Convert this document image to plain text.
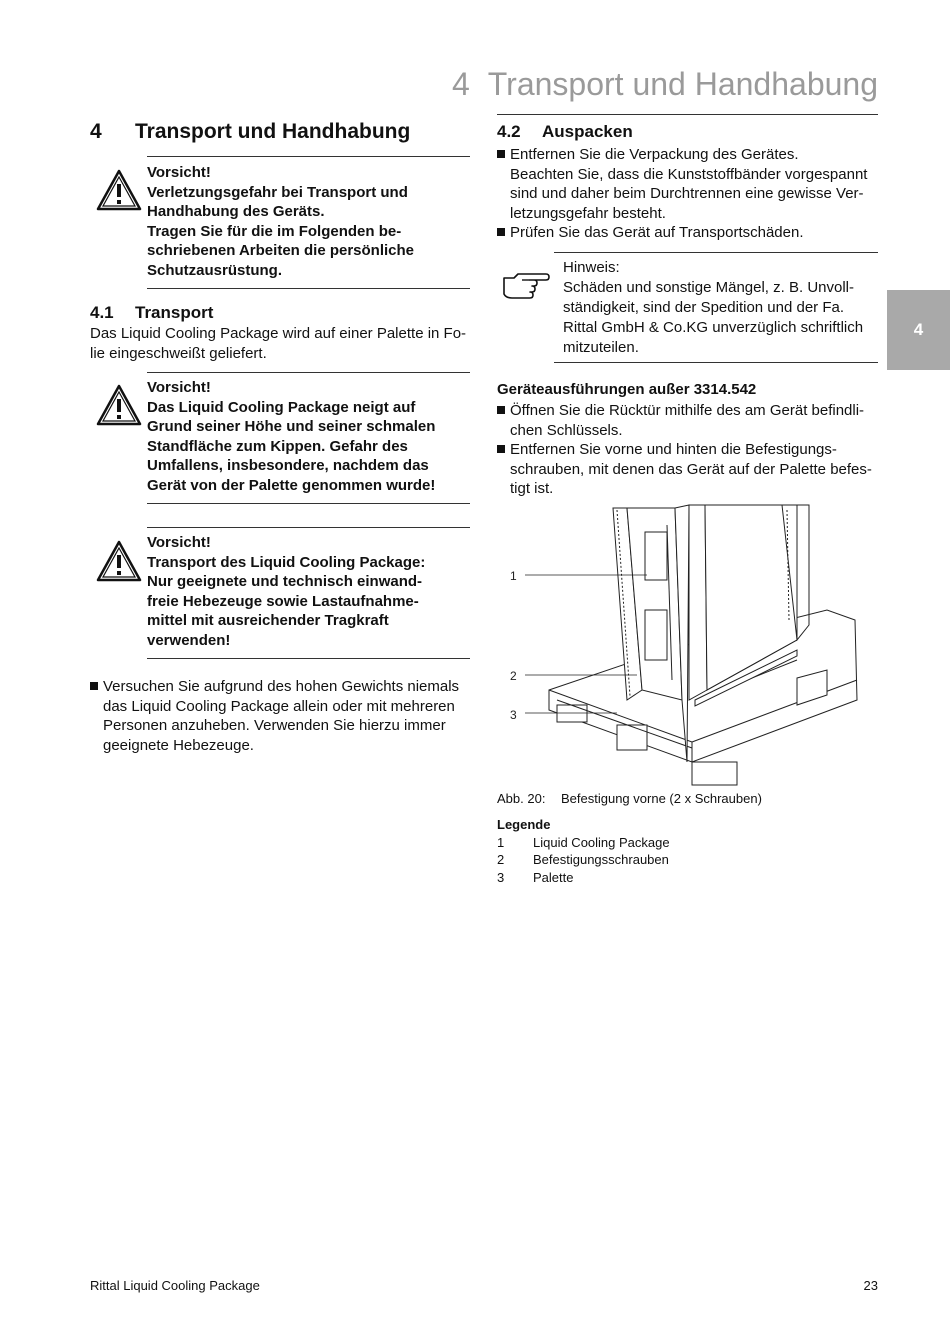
4 Transport und Handhabung
4
4 Transport und Handhabung
Vorsicht!
Verletzungsgefahr bei Transport und
Handhabung des Geräts.
Tragen Sie für die im Folgenden be-
schriebenen Arbeiten die persönliche
Schutzausrüstung.
4.1 Transport
Das Liquid Cooling Package wird auf einer Palette in Fo-
lie eingeschweißt geliefert.
Vorsicht!
Das Liquid Cooling Package neigt auf
Grund seiner Höhe und seiner schmalen
Standfläche zum Kippen. Gefahr des
Umfallens, insbesondere, nachdem das
Gerät von der Palette genommen wurde!
Vorsicht!
Transport des Liquid Cooling Package:
Nur geeignete und technisch einwand-
freie Hebezeuge sowie Lastaufnahme-
mittel mit ausreichender Tragkraft
verwenden!
Versuchen Sie aufgrund des hohen Gewichts niemals
das Liquid Cooling Package allein oder mit mehreren
Personen anzuheben. Verwenden Sie hierzu immer
geeignete Hebezeuge.
4.2 Auspacken
Entfernen Sie die Verpackung des Gerätes.
Beachten Sie, dass die Kunststoffbänder vorgespannt
sind und daher beim Durchtrennen eine gewisse Ver-
letzungsgefahr besteht.
Prüfen Sie das Gerät auf Transportschäden.
Hinweis:
Schäden und sonstige Mängel, z. B. Unvoll-
ständigkeit, sind der Spedition und der Fa.
Rittal GmbH & Co.KG unverzüglich schriftlich
mitzuteilen.
Geräteausführungen außer 3314.542
Öffnen Sie die Rücktür mithilfe des am Gerät befindli-
chen Schlüssels.
Entfernen Sie vorne und hinten die Befestigungs-
schrauben, mit denen das Gerät auf der Palette befes-
tigt ist.
1
2
3
Abb. 20: Befestigung vorne (2 x Schrauben)
Legende
1 Liquid Cooling Package
2 Befestigungsschrauben
3 Palette
Rittal Liquid Cooling Package	23
